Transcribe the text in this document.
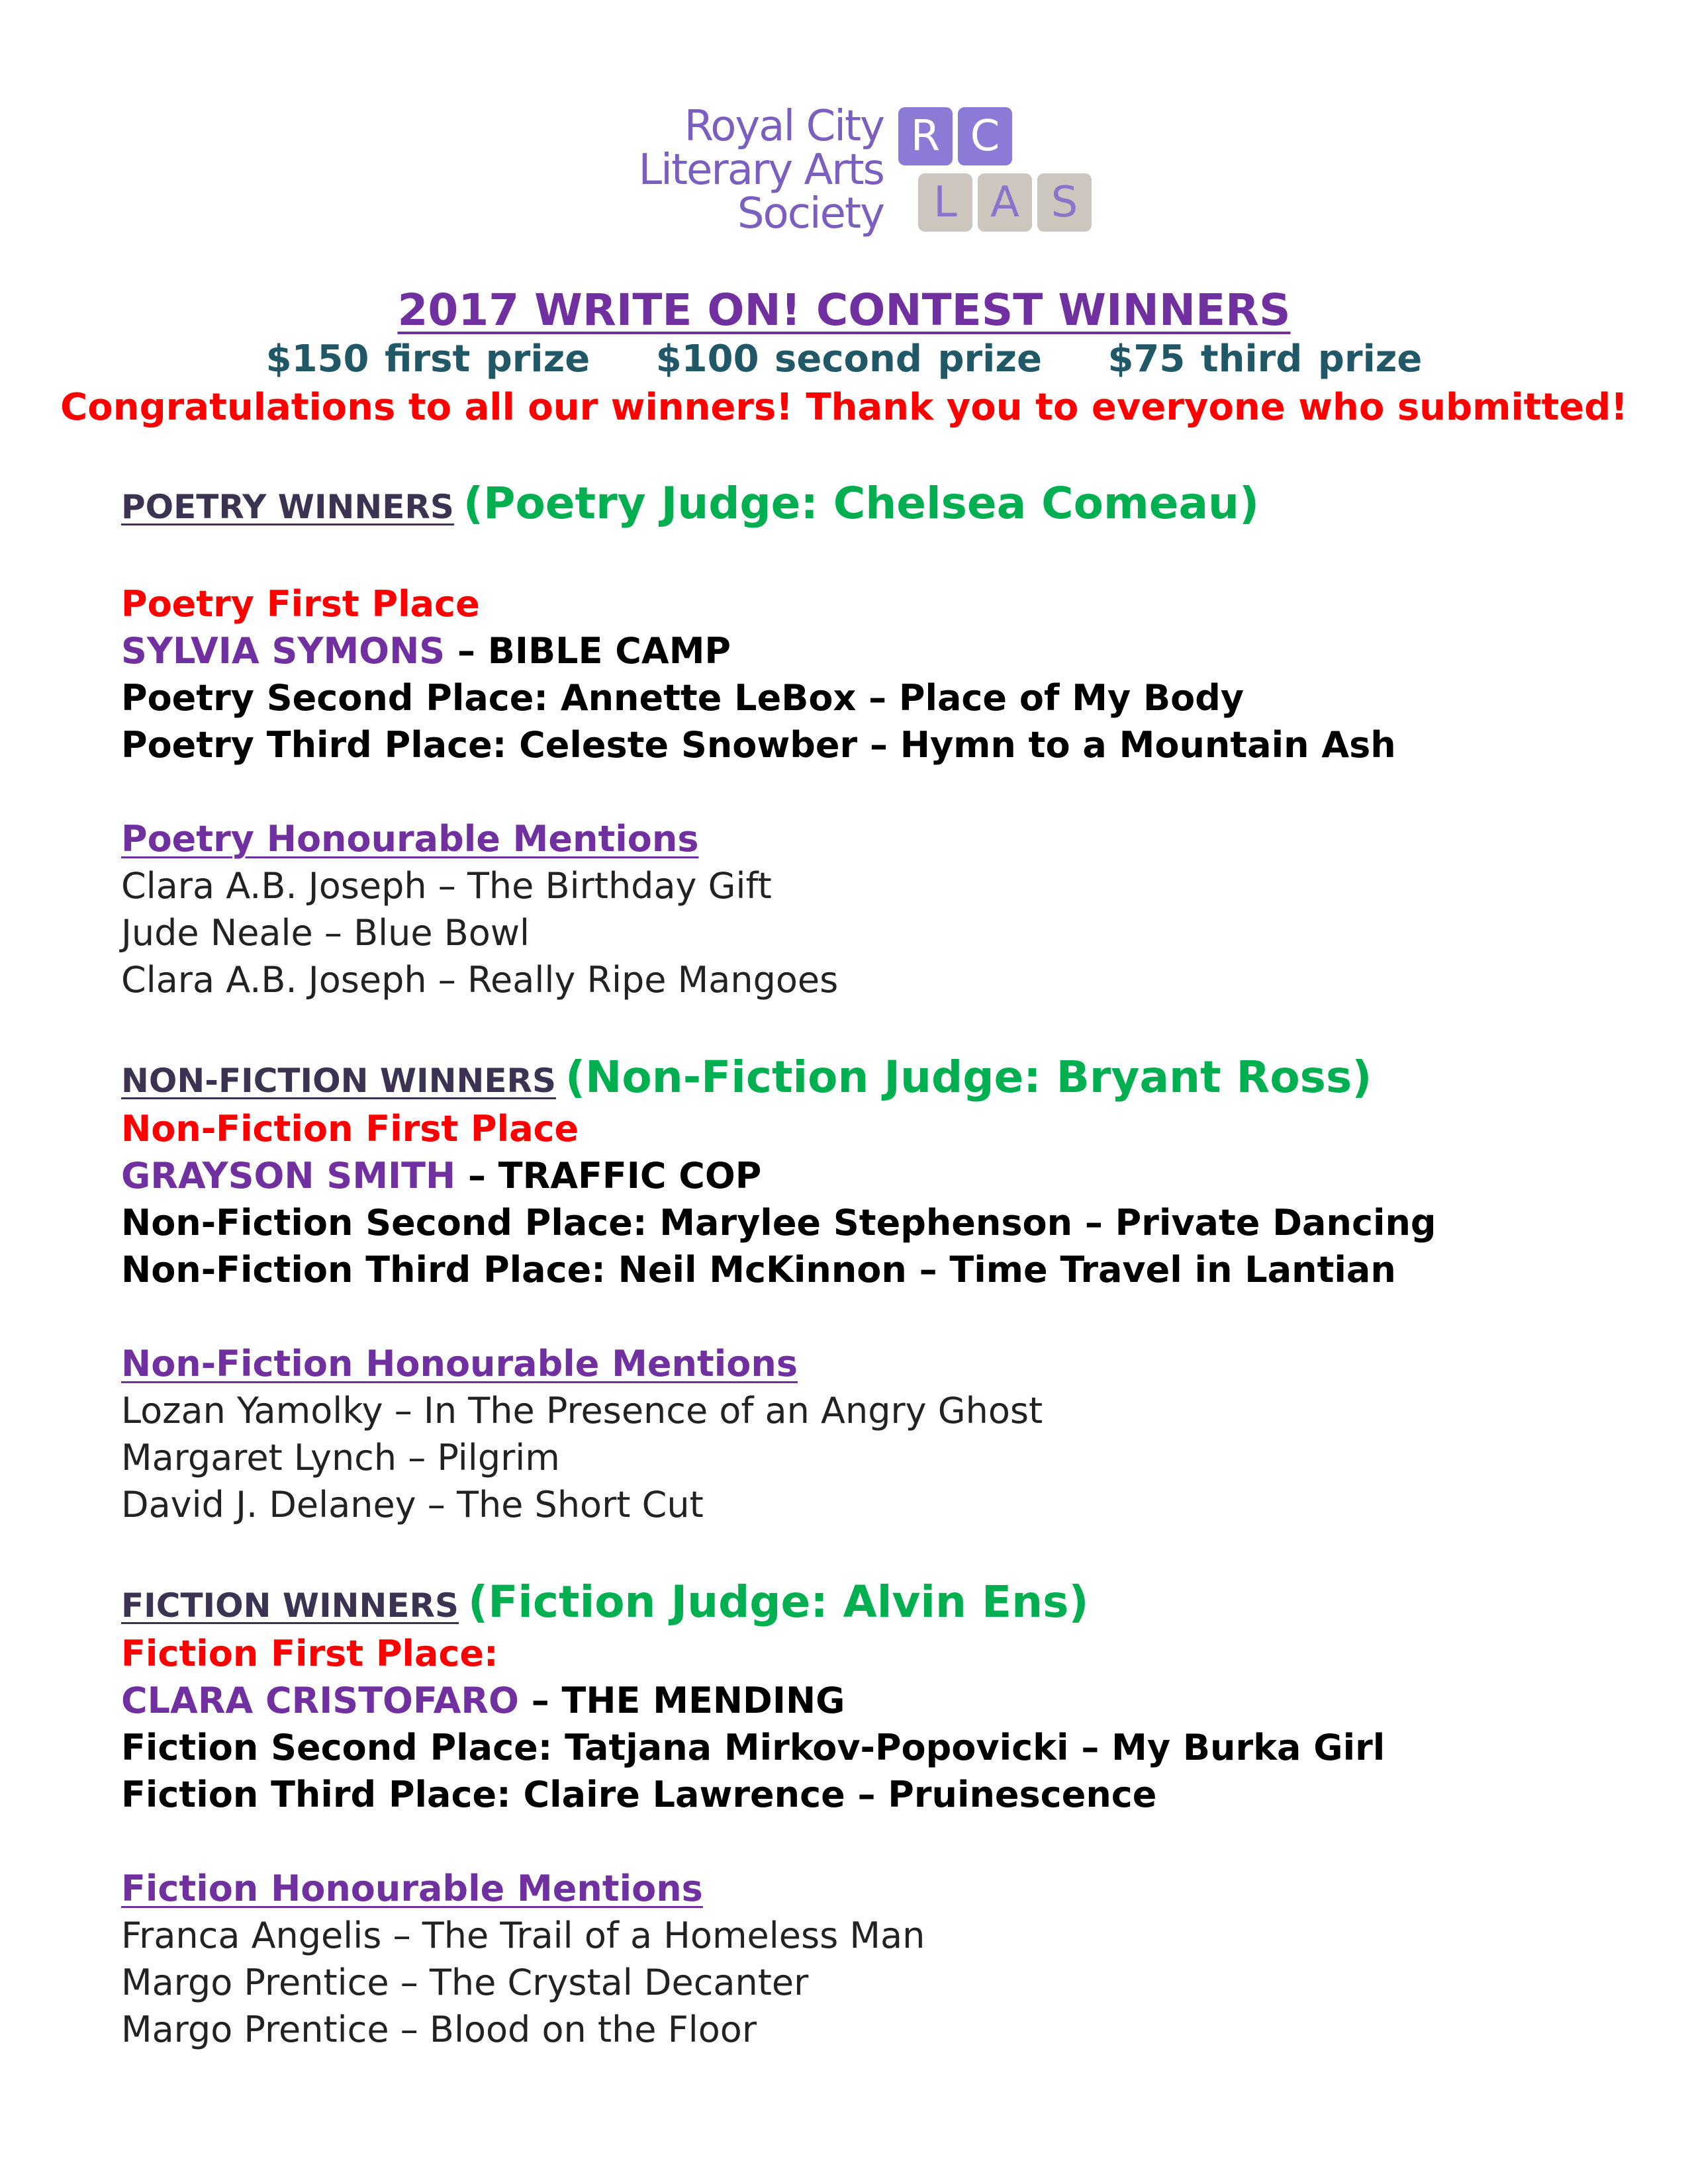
Royal City
Literary Arts
Society
R C
L A S
2017 WRITE ON! CONTEST WINNERS
$150 first prize $100 second prize $75 third prize
Congratulations to all our winners! Thank you to everyone who submitted!
POETRY WINNERS (Poetry Judge: Chelsea Comeau)
Poetry First Place
SYLVIA SYMONS – BIBLE CAMP
Poetry Second Place: Annette LeBox – Place of My Body
Poetry Third Place: Celeste Snowber – Hymn to a Mountain Ash
Poetry Honourable Mentions
Clara A.B. Joseph – The Birthday Gift
Jude Neale – Blue Bowl
Clara A.B. Joseph – Really Ripe Mangoes
NON-FICTION WINNERS (Non-Fiction Judge: Bryant Ross)
Non-Fiction First Place
GRAYSON SMITH – TRAFFIC COP
Non-Fiction Second Place: Marylee Stephenson – Private Dancing
Non-Fiction Third Place: Neil McKinnon – Time Travel in Lantian
Non-Fiction Honourable Mentions
Lozan Yamolky – In The Presence of an Angry Ghost
Margaret Lynch – Pilgrim
David J. Delaney – The Short Cut
FICTION WINNERS (Fiction Judge: Alvin Ens)
Fiction First Place:
CLARA CRISTOFARO – THE MENDING
Fiction Second Place: Tatjana Mirkov-Popovicki – My Burka Girl
Fiction Third Place: Claire Lawrence – Pruinescence
Fiction Honourable Mentions
Franca Angelis – The Trail of a Homeless Man
Margo Prentice – The Crystal Decanter
Margo Prentice – Blood on the Floor
